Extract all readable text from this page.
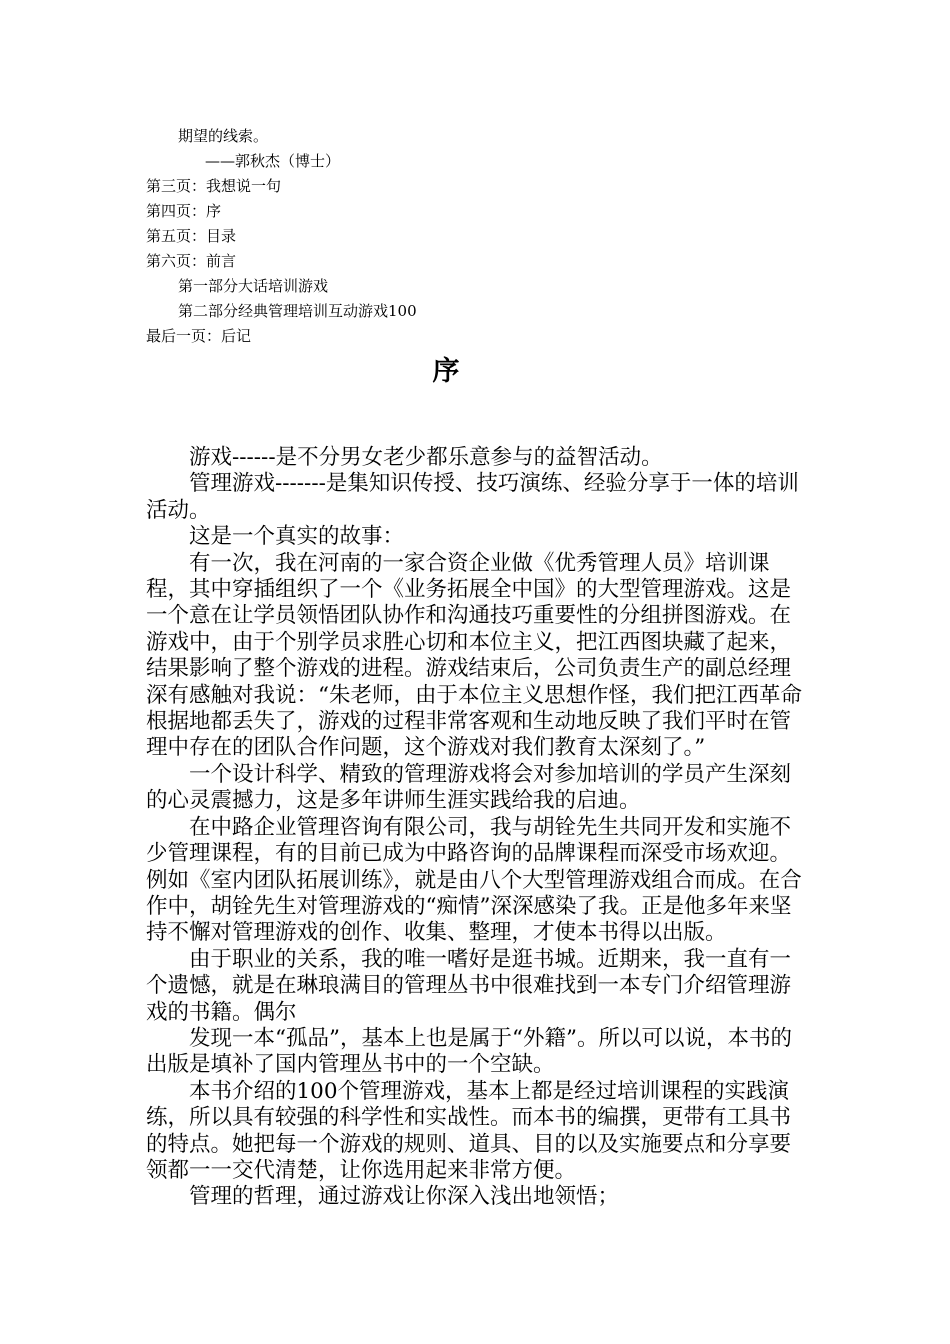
期望的线索。
——郭秋杰（博士）
第三页：我想说一句
第四页：序
第五页：目录
第六页：前言
第一部分大话培训游戏
第二部分经典管理培训互动游戏100
最后一页：后记
序

游戏------是不分男女老少都乐意参与的益智活动。

管理游戏-------是集知识传授、技巧演练、经验分享于一体的培训活动。

这是一个真实的故事：

有一次，我在河南的一家合资企业做《优秀管理人员》培训课程，其中穿插组织了一个《业务拓展全中国》的大型管理游戏。这是一个意在让学员领悟团队协作和沟通技巧重要性的分组拼图游戏。在游戏中，由于个别学员求胜心切和本位主义，把江西图块藏了起来，结果影响了整个游戏的进程。游戏结束后，公司负责生产的副总经理深有感触对我说：“朱老师，由于本位主义思想作怪，我们把江西革命根据地都丢失了，游戏的过程非常客观和生动地反映了我们平时在管理中存在的团队合作问题，这个游戏对我们教育太深刻了。”

一个设计科学、精致的管理游戏将会对参加培训的学员产生深刻的心灵震撼力，这是多年讲师生涯实践给我的启迪。

在中路企业管理咨询有限公司，我与胡铨先生共同开发和实施不少管理课程，有的目前已成为中路咨询的品牌课程而深受市场欢迎。例如《室内团队拓展训练》，就是由八个大型管理游戏组合而成。在合作中，胡铨先生对管理游戏的“痴情”深深感染了我。正是他多年来坚持不懈对管理游戏的创作、收集、整理，才使本书得以出版。

由于职业的关系，我的唯一嗜好是逛书城。近期来，我一直有一个遗憾，就是在琳琅满目的管理丛书中很难找到一本专门介绍管理游戏的书籍。偶尔

发现一本“孤品”，基本上也是属于“外籍”。所以可以说，本书的出版是填补了国内管理丛书中的一个空缺。

本书介绍的100个管理游戏，基本上都是经过培训课程的实践演练，所以具有较强的科学性和实战性。而本书的编撰，更带有工具书的特点。她把每一个游戏的规则、道具、目的以及实施要点和分享要领都一一交代清楚，让你选用起来非常方便。

管理的哲理，通过游戏让你深入浅出地领悟；
